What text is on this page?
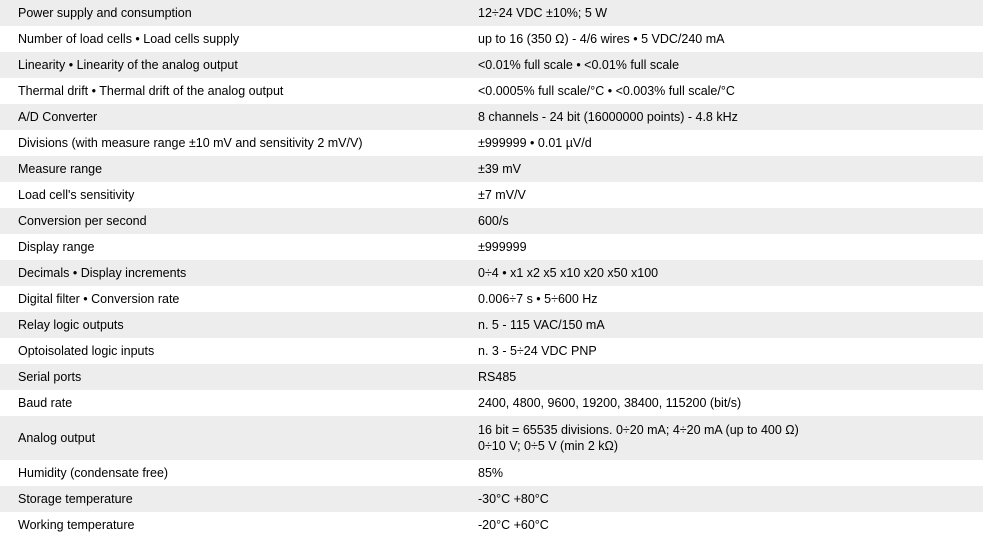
Power supply and consumption	12÷24 VDC ±10%; 5 W
Number of load cells • Load cells supply	up to 16 (350 Ω) - 4/6 wires • 5 VDC/240 mA
Linearity • Linearity of the analog output	<0.01% full scale • <0.01% full scale
Thermal drift • Thermal drift of the analog output	<0.0005% full scale/°C • <0.003% full scale/°C
A/D Converter	8 channels - 24 bit (16000000 points) - 4.8 kHz
Divisions (with measure range ±10 mV and sensitivity 2 mV/V)	±999999 • 0.01 µV/d
Measure range	±39 mV
Load cell's sensitivity	±7 mV/V
Conversion per second	600/s
Display range	±999999
Decimals • Display increments	0÷4 • x1 x2 x5 x10 x20 x50 x100
Digital filter • Conversion rate	0.006÷7 s • 5÷600 Hz
Relay logic outputs	n. 5 - 115 VAC/150 mA
Optoisolated logic inputs	n. 3 - 5÷24 VDC PNP
Serial ports	RS485
Baud rate	2400, 4800, 9600, 19200, 38400, 115200 (bit/s)
Analog output	16 bit = 65535 divisions. 0÷20 mA; 4÷20 mA (up to 400 Ω)
0÷10 V; 0÷5 V (min 2 kΩ)

Humidity (condensate free)	85%
Storage temperature	-30°C +80°C
Working temperature	-20°C +60°C
